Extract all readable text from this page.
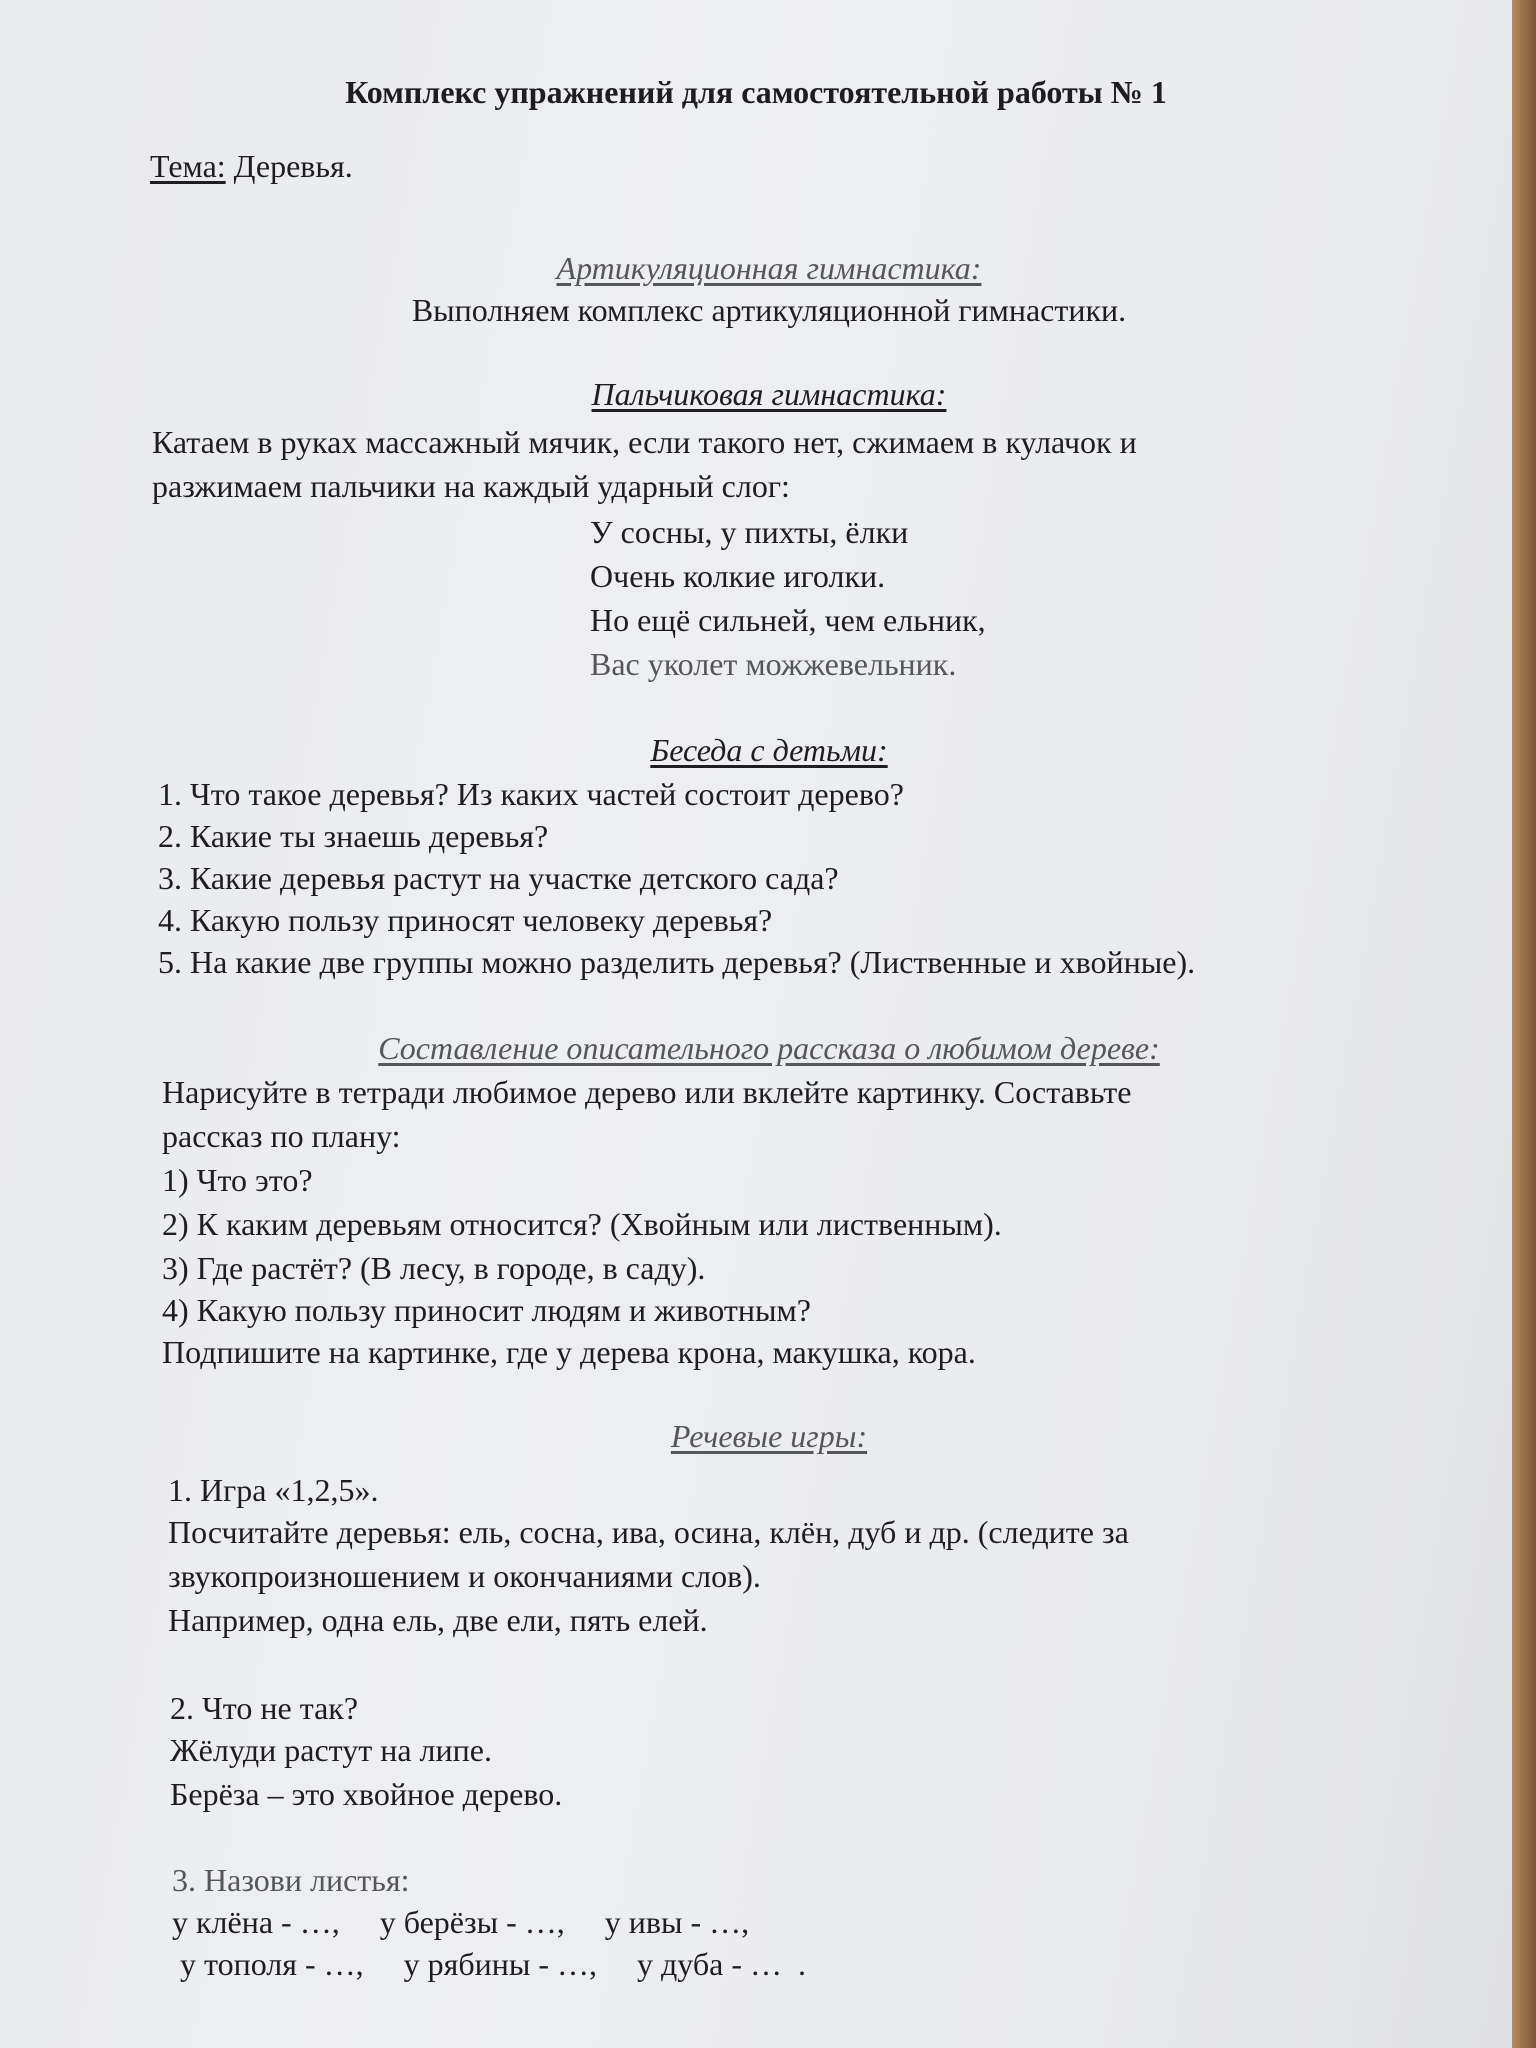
Комплекс упражнений для самостоятельной работы № 1
Тема: Деревья.
Артикуляционная гимнастика:
Выполняем комплекс артикуляционной гимнастики.
Пальчиковая гимнастика:
Катаем в руках массажный мячик, если такого нет, сжимаем в кулачок и
разжимаем пальчики на каждый ударный слог:
У сосны, у пихты, ёлки
Очень колкие иголки.
Но ещё сильней, чем ельник,
Вас уколет можжевельник.
Беседа с детьми:
1. Что такое деревья? Из каких частей состоит дерево?
2. Какие ты знаешь деревья?
3. Какие деревья растут на участке детского сада?
4. Какую пользу приносят человеку деревья?
5. На какие две группы можно разделить деревья? (Лиственные и хвойные).
Составление описательного рассказа о любимом дереве:
Нарисуйте в тетради любимое дерево или вклейте картинку. Составьте
рассказ по плану:
1) Что это?
2) К каким деревьям относится? (Хвойным или лиственным).
3) Где растёт? (В лесу, в городе, в саду).
4) Какую пользу приносит людям и животным?
Подпишите на картинке, где у дерева крона, макушка, кора.
Речевые игры:
1. Игра «1,2,5».
Посчитайте деревья: ель, сосна, ива, осина, клён, дуб и др. (следите за
звукопроизношением и окончаниями слов).
Например, одна ель, две ели, пять елей.
2. Что не так?
Жёлуди растут на липе.
Берёза – это хвойное дерево.
3. Назови листья:
у клёна - …,     у берёзы - …,     у ивы - …,
у тополя - …,     у рябины - …,     у дуба - …  .
